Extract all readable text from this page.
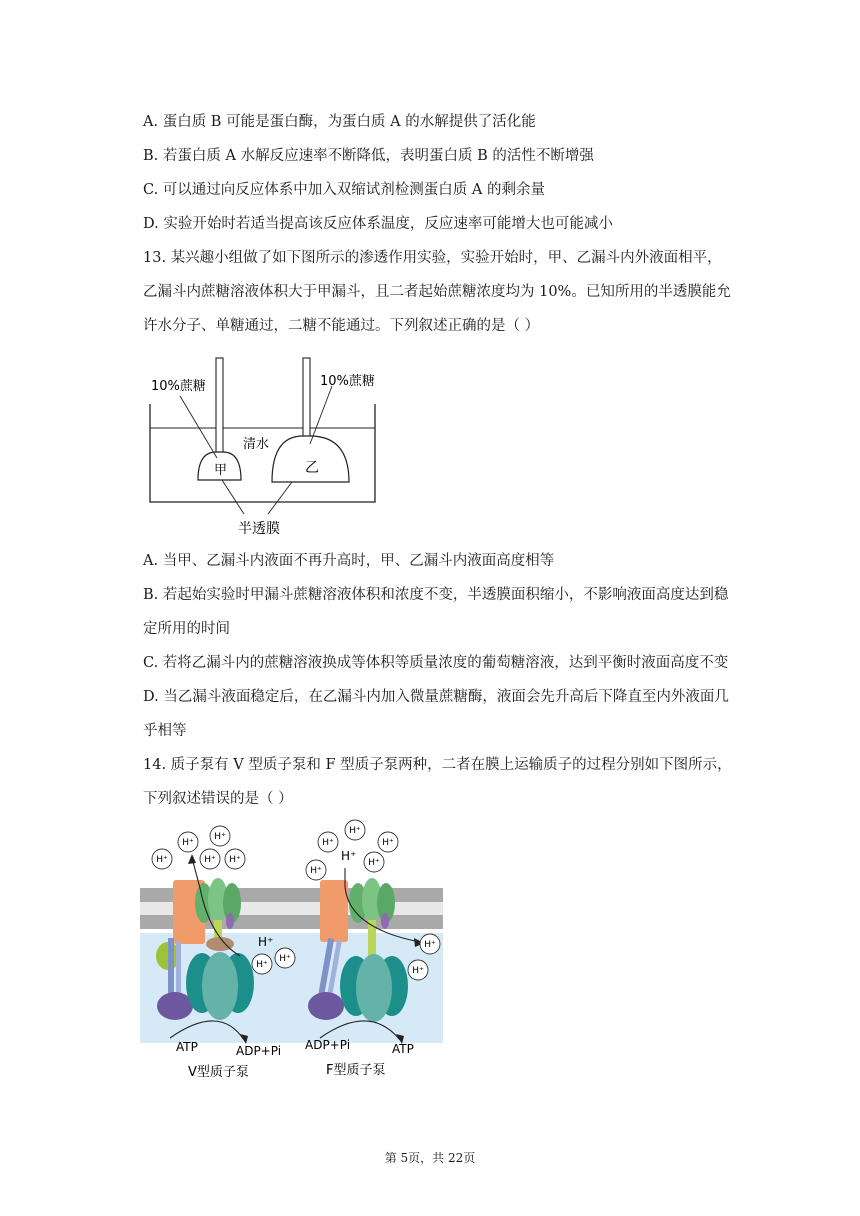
A. 蛋白质 B 可能是蛋白酶，为蛋白质 A 的水解提供了活化能
B. 若蛋白质 A 水解反应速率不断降低，表明蛋白质 B 的活性不断增强
C. 可以通过向反应体系中加入双缩试剂检测蛋白质 A 的剩余量
D. 实验开始时若适当提高该反应体系温度，反应速率可能增大也可能减小
13. 某兴趣小组做了如下图所示的渗透作用实验，实验开始时，甲、乙漏斗内外液面相平，
乙漏斗内蔗糖溶液体积大于甲漏斗，且二者起始蔗糖浓度均为 10%。已知所用的半透膜能允
许水分子、单糖通过，二糖不能通过。下列叙述正确的是（ ）
10%蔗糖	10%蔗糖
清水
甲	乙
半透膜
A. 当甲、乙漏斗内液面不再升高时，甲、乙漏斗内液面高度相等
B. 若起始实验时甲漏斗蔗糖溶液体积和浓度不变，半透膜面积缩小，不影响液面高度达到稳
定所用的时间
C. 若将乙漏斗内的蔗糖溶液换成等体积等质量浓度的葡萄糖溶液，达到平衡时液面高度不变
D. 当乙漏斗液面稳定后，在乙漏斗内加入微量蔗糖酶，液面会先升高后下降直至内外液面几
乎相等
14. 质子泵有 V 型质子泵和 F 型质子泵两种，二者在膜上运输质子的过程分别如下图所示，
下列叙述错误的是（ ）
H⁺
H⁺
H⁺	H⁺ H⁺
H⁺
H⁺
H⁺
H⁺
H⁺
H⁺
H⁺
H⁺
H⁺
H⁺
H⁺
ATP	ADP+Pi ADP+Pi	ATP
V型质子泵	F型质子泵
第 5页，共 22页
